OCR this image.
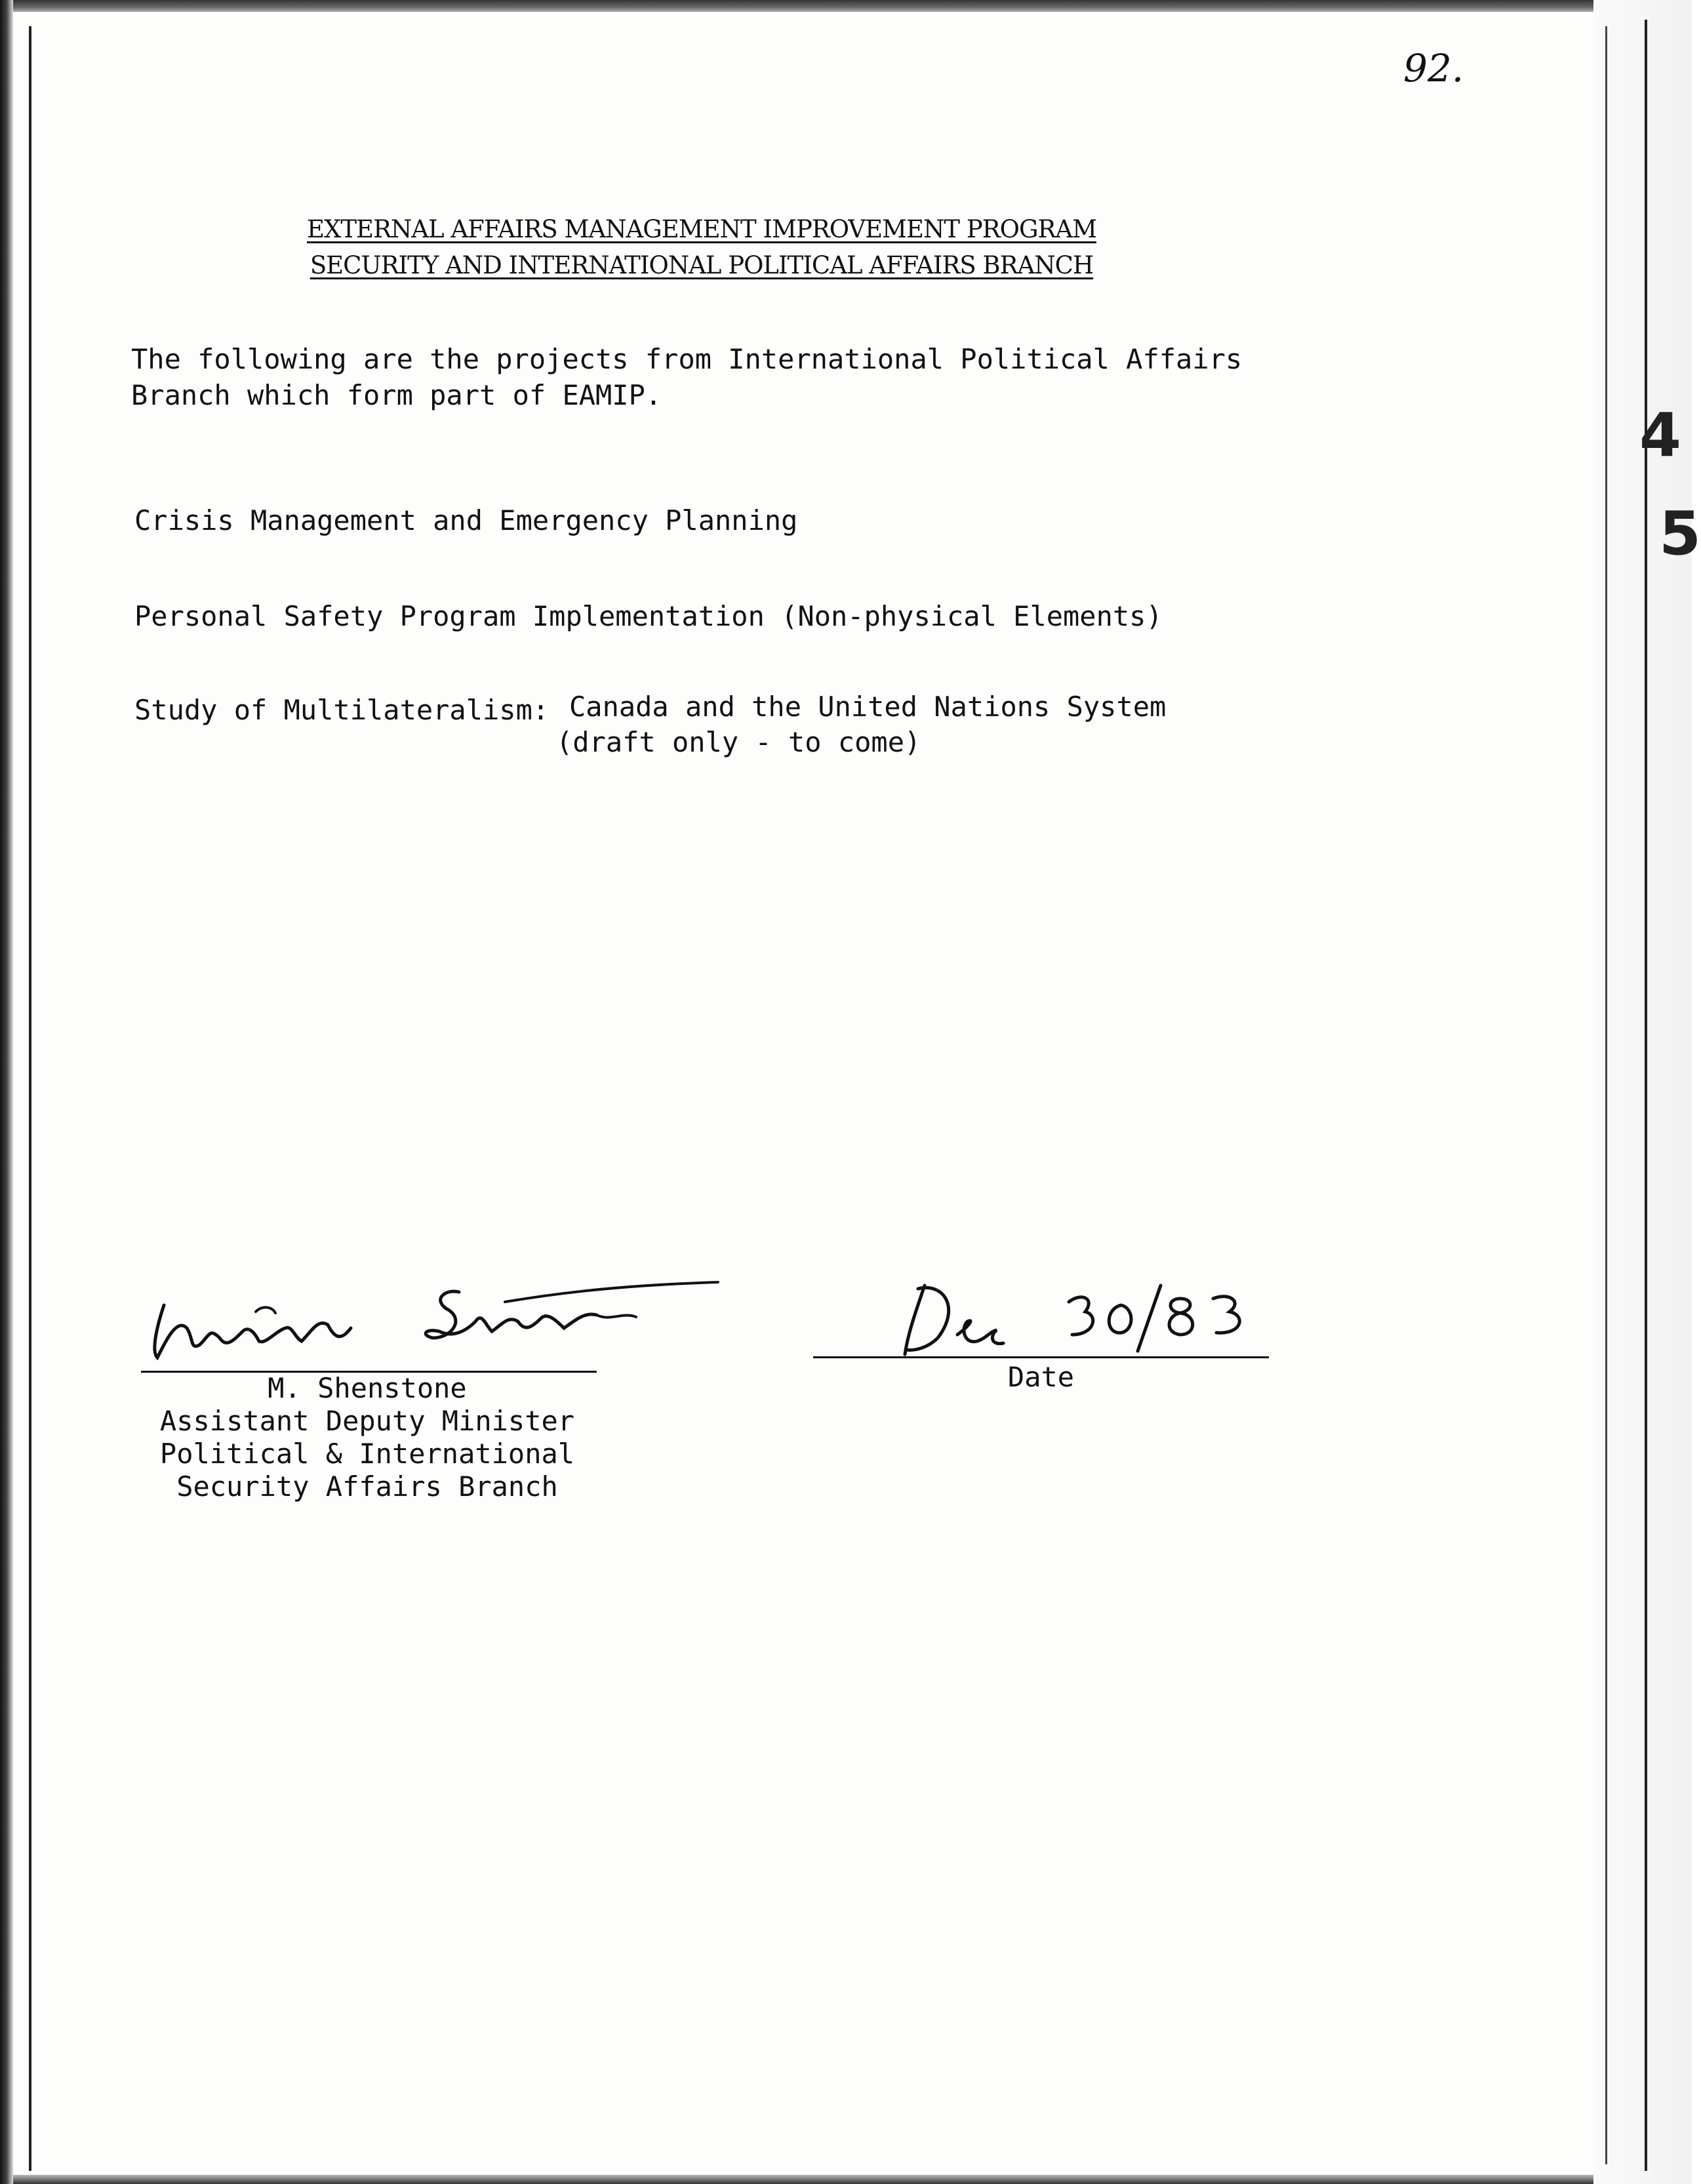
4
5
92.
EXTERNAL AFFAIRS MANAGEMENT IMPROVEMENT PROGRAM
SECURITY AND INTERNATIONAL POLITICAL AFFAIRS BRANCH
The following are the projects from International Political Affairs
Branch which form part of EAMIP.
Crisis Management and Emergency Planning
Personal Safety Program Implementation (Non-physical Elements)
Study of Multilateralism: Canada and the United Nations System
(draft only - to come)
M. Shenstone
Assistant Deputy Minister
Political & International
Security Affairs Branch
Date
